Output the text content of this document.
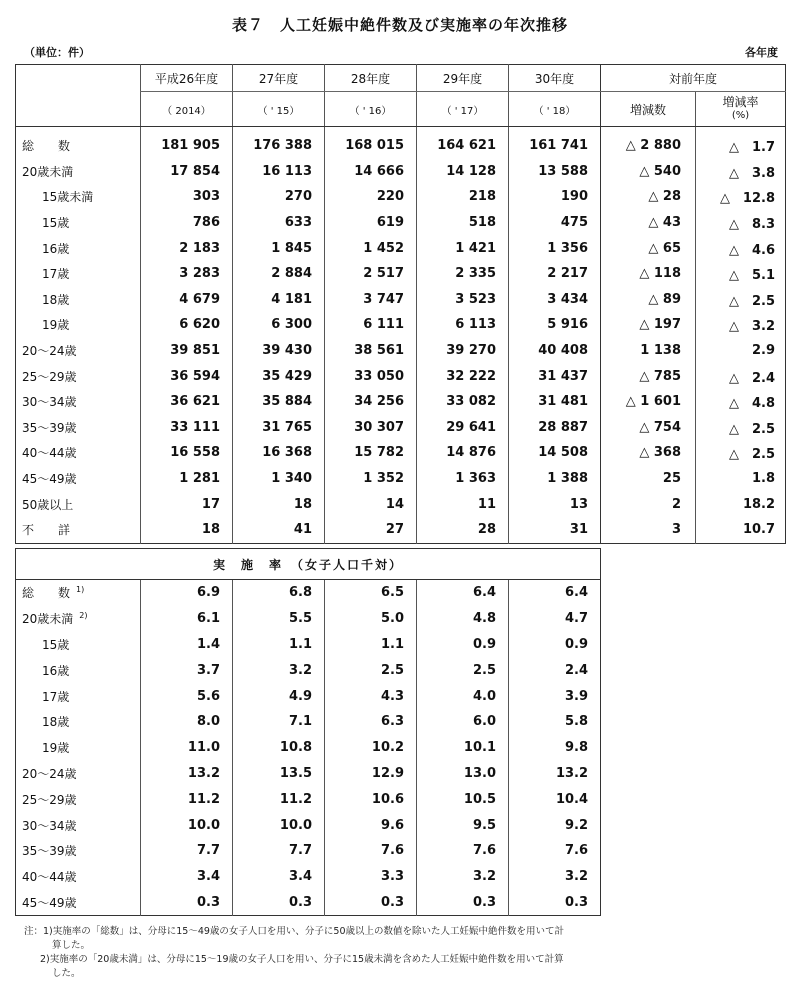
表７　人工妊娠中絶件数及び実施率の年次推移
（単位：件）	各年度
	平成26年度	27年度	28年度	29年度	30年度	対前年度	
	（ 2014）	（ ' 15）	（ ' 16）	（ ' 17）	（ ' 18）	増減数	増減率
(%)

総　　数	181 905	176 388	168 015	164 621	161 741	△ 2 880	△　1.7
20歳未満	17 854	16 113	14 666	14 128	13 588	△ 540	△　3.8
15歳未満	303	270	220	218	190	△ 28	△　12.8
15歳	786	633	619	518	475	△ 43	△　8.3
16歳	2 183	1 845	1 452	1 421	1 356	△ 65	△　4.6
17歳	3 283	2 884	2 517	2 335	2 217	△ 118	△　5.1
18歳	4 679	4 181	3 747	3 523	3 434	△ 89	△　2.5
19歳	6 620	6 300	6 111	6 113	5 916	△ 197	△　3.2
20～24歳	39 851	39 430	38 561	39 270	40 408	1 138	2.9
25～29歳	36 594	35 429	33 050	32 222	31 437	△ 785	△　2.4
30～34歳	36 621	35 884	34 256	33 082	31 481	△ 1 601	△　4.8
35～39歳	33 111	31 765	30 307	29 641	28 887	△ 754	△　2.5
40～44歳	16 558	16 368	15 782	14 876	14 508	△ 368	△　2.5
45～49歳	1 281	1 340	1 352	1 363	1 388	25	1.8
50歳以上	17	18	14	11	13	2	18.2
不　　詳	18	41	27	28	31	3	10.7
実　施　率　（女子人口千対）					
総　　数 $^{1)}$	6.9	6.8	6.5	6.4	6.4
20歳未満 $^{2)}$	6.1	5.5	5.0	4.8	4.7
15歳	1.4	1.1	1.1	0.9	0.9
16歳	3.7	3.2	2.5	2.5	2.4
17歳	5.6	4.9	4.3	4.0	3.9
18歳	8.0	7.1	6.3	6.0	5.8
19歳	11.0	10.8	10.2	10.1	9.8
20～24歳	13.2	13.5	12.9	13.0	13.2
25～29歳	11.2	11.2	10.6	10.5	10.4
30～34歳	10.0	10.0	9.6	9.5	9.2
35～39歳	7.7	7.7	7.6	7.6	7.6
40～44歳	3.4	3.4	3.3	3.2	3.2
45～49歳	0.3	0.3	0.3	0.3	0.3
注：1)実施率の「総数」は、分母に15～49歳の女子人口を用い、分子に50歳以上の数値を除いた人工妊娠中絶件数を用いて計
算した。
2)実施率の「20歳未満」は、分母に15～19歳の女子人口を用い、分子に15歳未満を含めた人工妊娠中絶件数を用いて計算
した。
